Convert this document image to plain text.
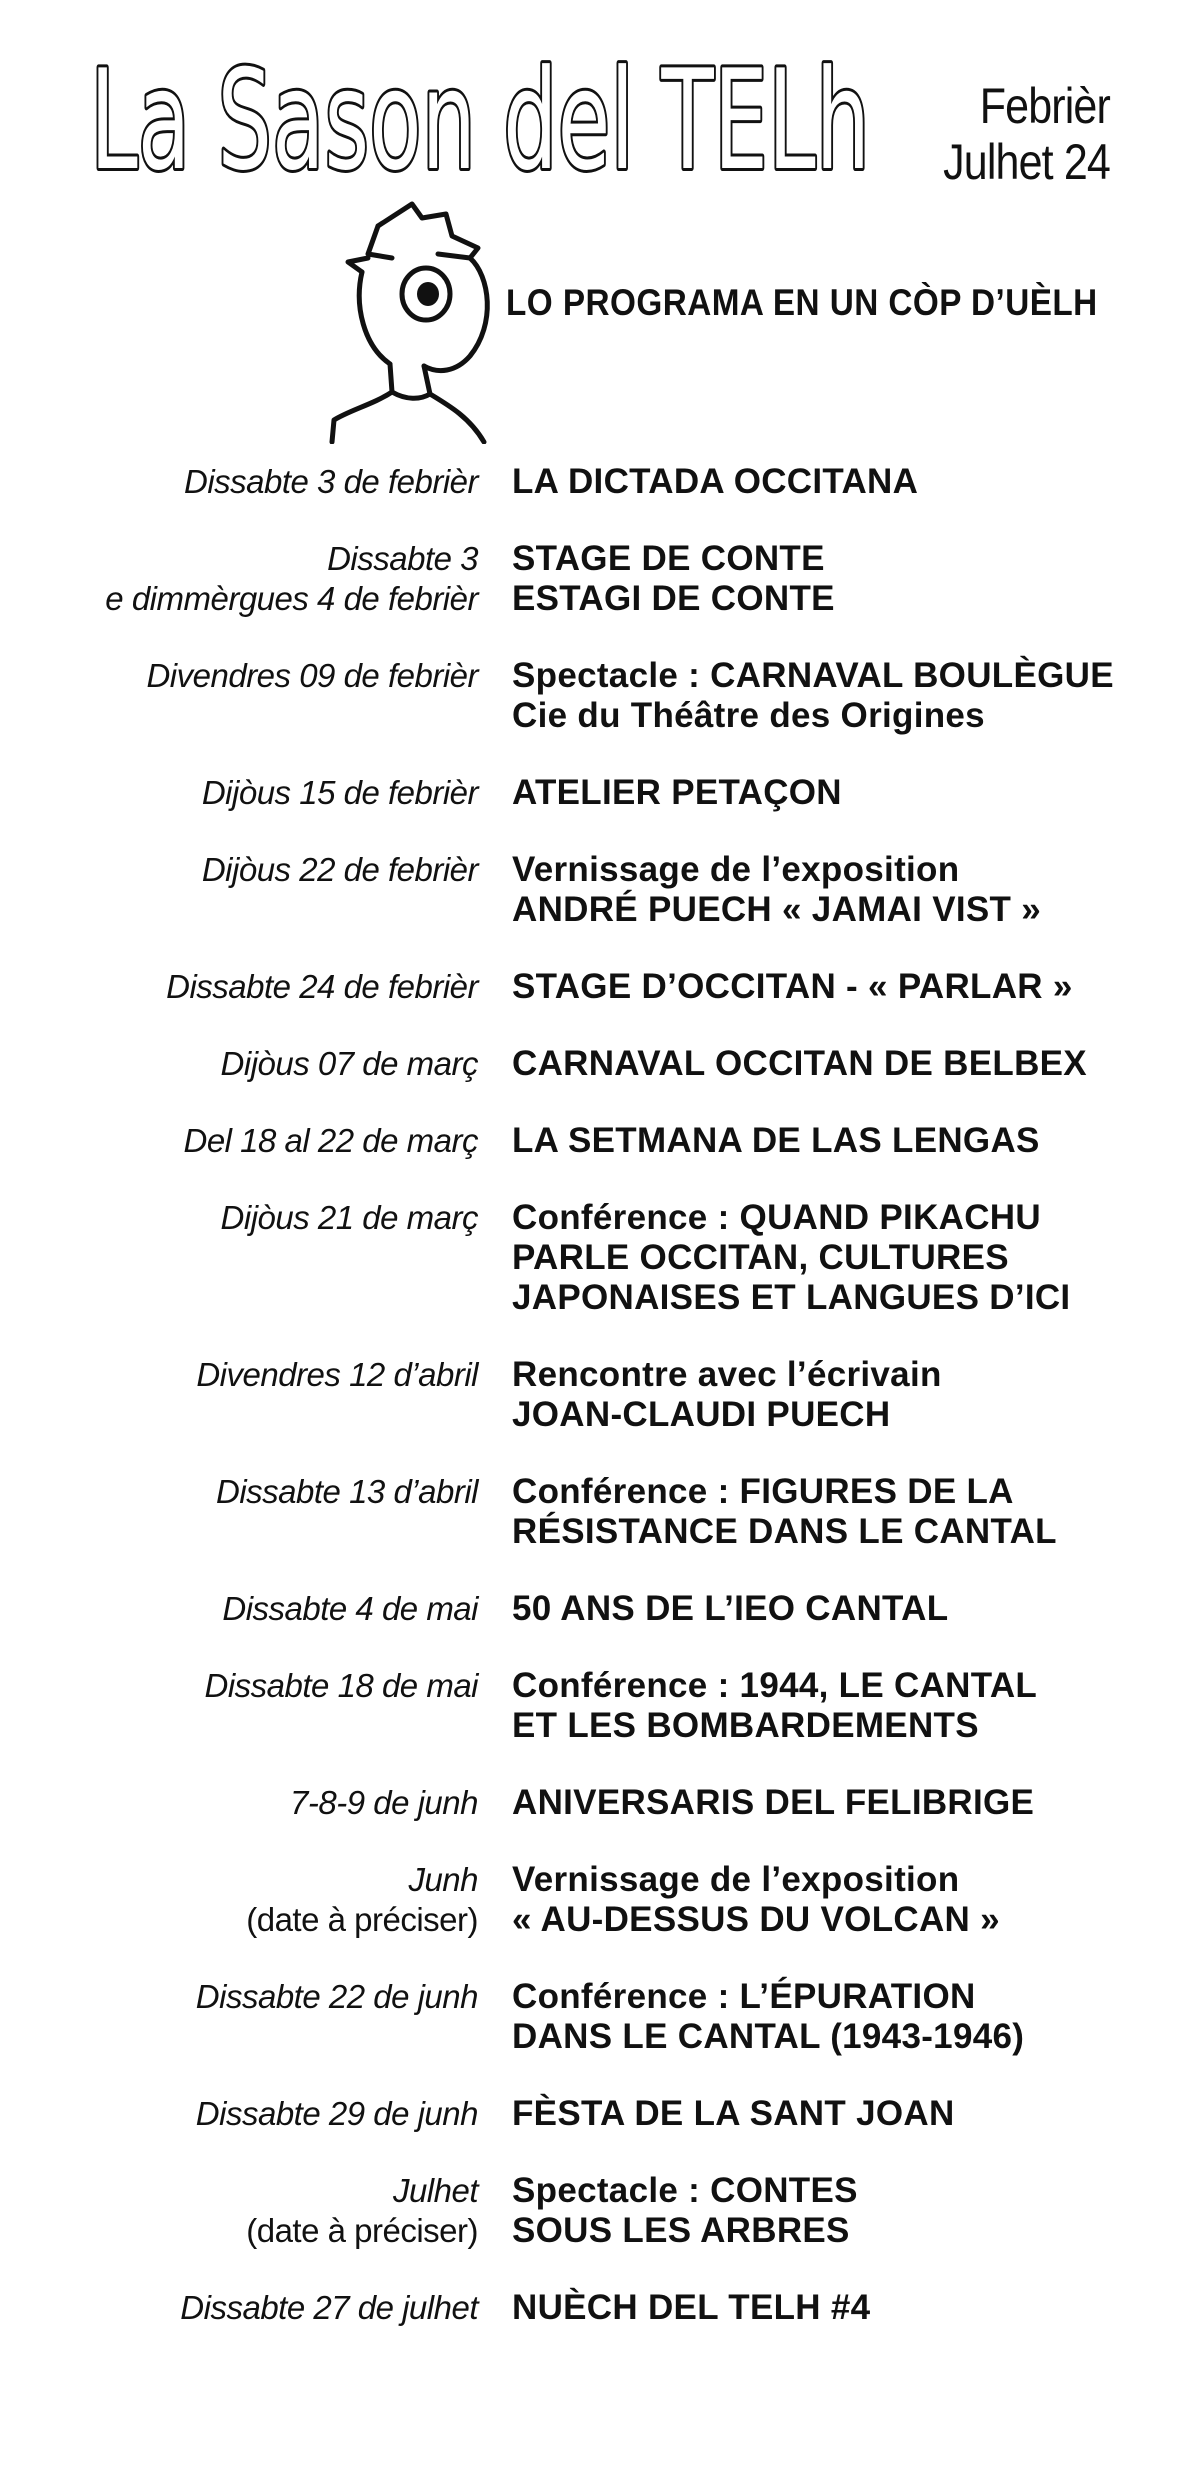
La Sason del TELh	Febrièr
Julhet 24
LO PROGRAMA EN UN CÒP D’UÈLH
Dissabte 3 de febrièr LA DICTADA OCCITANA
Dissabte 3
e dimmèrgues 4 de febrièr
STAGE DE CONTE
ESTAGI DE CONTE
Divendres 09 de febrièr Spectacle : CARNAVAL BOULÈGUE
Cie du Théâtre des Origines
Dijòus 15 de febrièr ATELIER PETAÇON
Dijòus 22 de febrièr Vernissage de l’exposition
ANDRÉ PUECH « JAMAI VIST »
Dissabte 24 de febrièr STAGE D’OCCITAN - « PARLAR »
Dijòus 07 de març CARNAVAL OCCITAN DE BELBEX
Del 18 al 22 de març LA SETMANA DE LAS LENGAS
Dijòus 21 de març Conférence : QUAND PIKACHU
PARLE OCCITAN, CULTURES
JAPONAISES ET LANGUES D’ICI
Divendres 12 d’abril Rencontre avec l’écrivain
JOAN-CLAUDI PUECH
Dissabte 13 d’abril Conférence : FIGURES DE LA
RÉSISTANCE DANS LE CANTAL
Dissabte 4 de mai 50 ANS DE L’IEO CANTAL
Dissabte 18 de mai Conférence : 1944, LE CANTAL
ET LES BOMBARDEMENTS
7-8-9 de junh ANIVERSARIS DEL FELIBRIGE
Junh
(date à préciser)
Vernissage de l’exposition
« AU-DESSUS DU VOLCAN »
Dissabte 22 de junh Conférence : L’ÉPURATION
DANS LE CANTAL (1943-1946)
Dissabte 29 de junh FÈSTA DE LA SANT JOAN
Julhet
(date à préciser)
Spectacle : CONTES
SOUS LES ARBRES
Dissabte 27 de julhet NUÈCH DEL TELH #4
